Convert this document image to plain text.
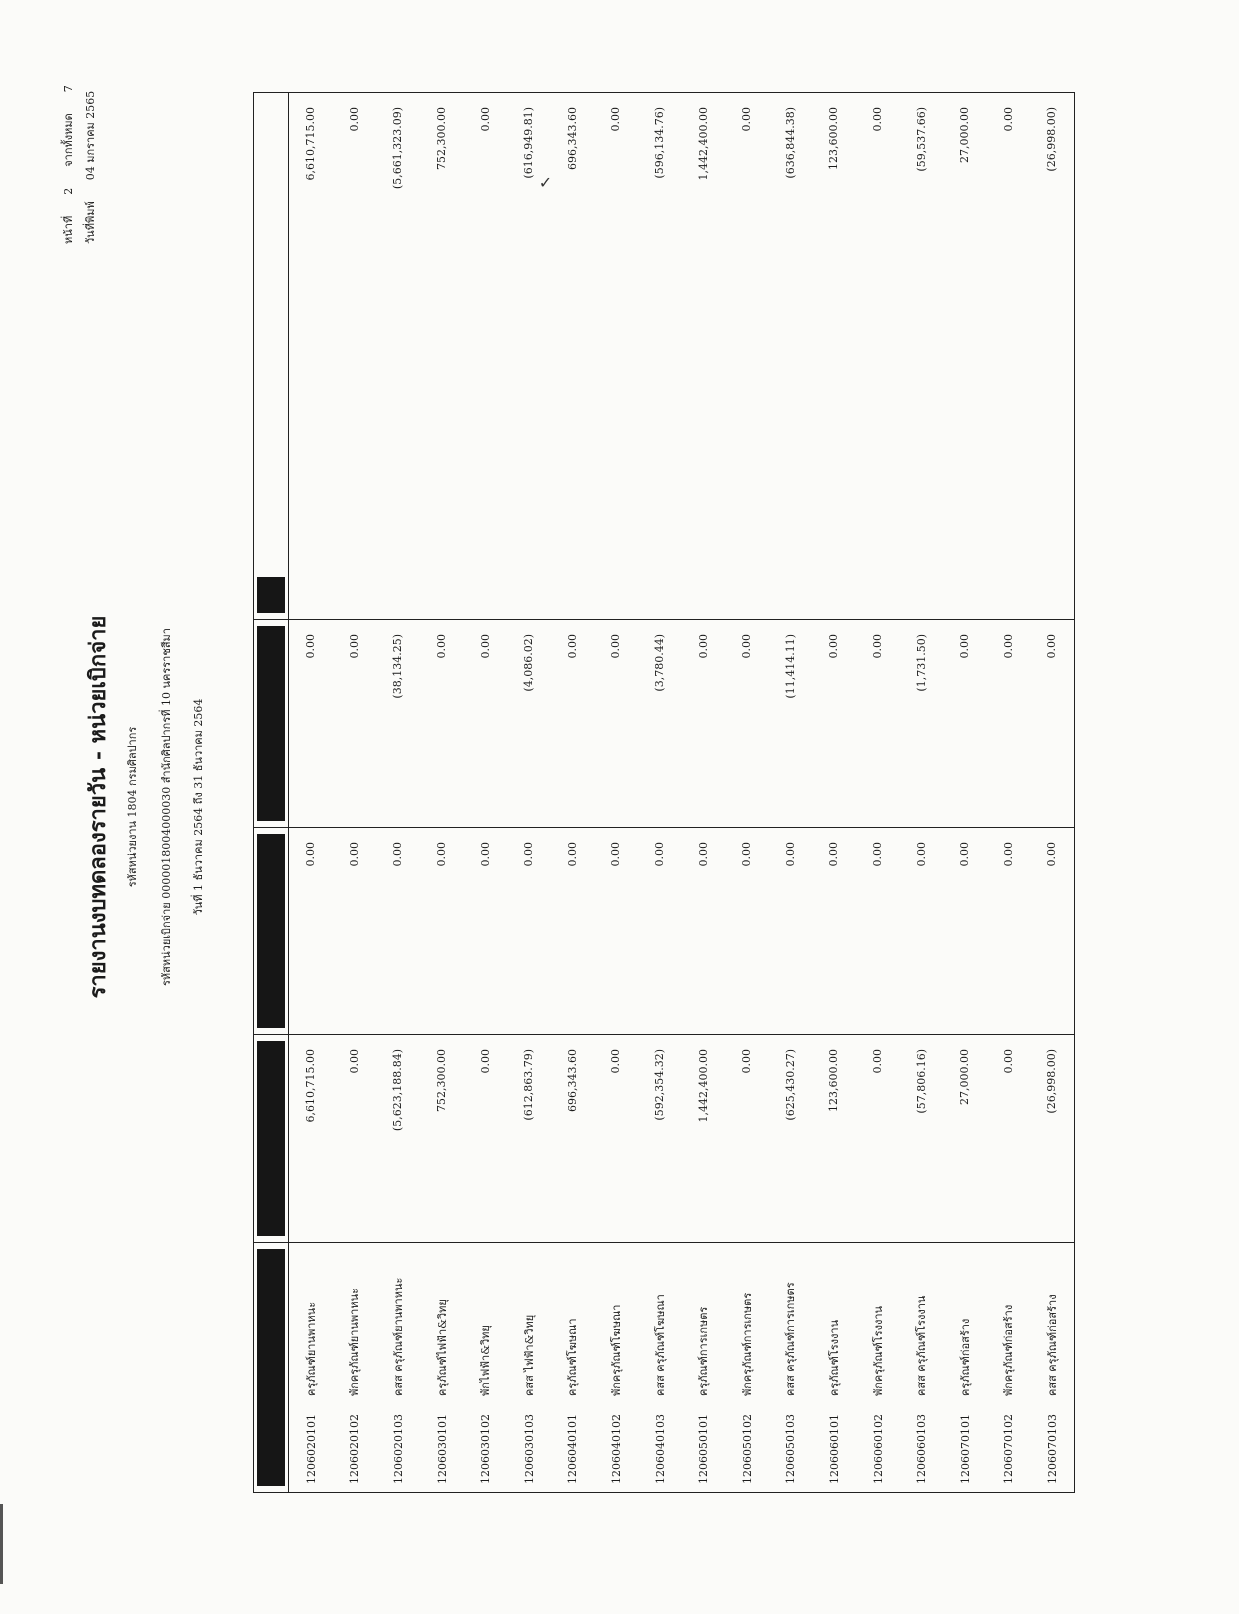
รายงานงบทดลองรายวัน - หน่วยเบิกจ่าย	รหัสหน่วยงาน 1804 กรมศิลปากร รหัสหน่วยเบิกจ่าย 0000018004000030 สำนักศิลปากรที่ 10 นครราชสีมา วันที่ 1 ธันวาคม 2564 ถึง 31 ธันวาคม 2564
หน้าที่  2  จากทั้งหมด  7
วันที่พิมพ์  04 มกราคม 2565

1206020101ครุภัณฑ์ยานพาหนะ	6,610,715.00	0.00	0.00	6,610,715.00
1206020102พักครุภัณฑ์ยานพาหนะ	0.00	0.00	0.00	0.00
1206020103คสส ครุภัณฑ์ยานพาหนะ	(5,623,188.84)	0.00	(38,134.25)	(5,661,323.09)
1206030101ครุภัณฑ์ไฟฟ้า&วิทยุ	752,300.00	0.00	0.00	752,300.00
1206030102พักไฟฟ้า&วิทยุ	0.00	0.00	0.00	0.00
1206030103คสส ไฟฟ้า&วิทยุ	(612,863.79)	0.00	(4,086.02)	(616,949.81)
1206040101ครุภัณฑ์โฆษณา	696,343.60	0.00	0.00	696,343.60
1206040102พักครุภัณฑ์โฆษณา	0.00	0.00	0.00	0.00
1206040103คสส ครุภัณฑ์โฆษณา	(592,354.32)	0.00	(3,780.44)	(596,134.76)
1206050101ครุภัณฑ์การเกษตร	1,442,400.00	0.00	0.00	1,442,400.00
1206050102พักครุภัณฑ์การเกษตร	0.00	0.00	0.00	0.00
1206050103คสส ครุภัณฑ์การเกษตร	(625,430.27)	0.00	(11,414.11)	(636,844.38)
1206060101ครุภัณฑ์โรงงาน	123,600.00	0.00	0.00	123,600.00
1206060102พักครุภัณฑ์โรงงาน	0.00	0.00	0.00	0.00
1206060103คสส ครุภัณฑ์โรงงาน	(57,806.16)	0.00	(1,731.50)	(59,537.66)
1206070101ครุภัณฑ์ก่อสร้าง	27,000.00	0.00	0.00	27,000.00
1206070102พักครุภัณฑ์ก่อสร้าง	0.00	0.00	0.00	0.00
1206070103คสส ครุภัณฑ์ก่อสร้าง	(26,998.00)	0.00	0.00	(26,998.00)
✓
